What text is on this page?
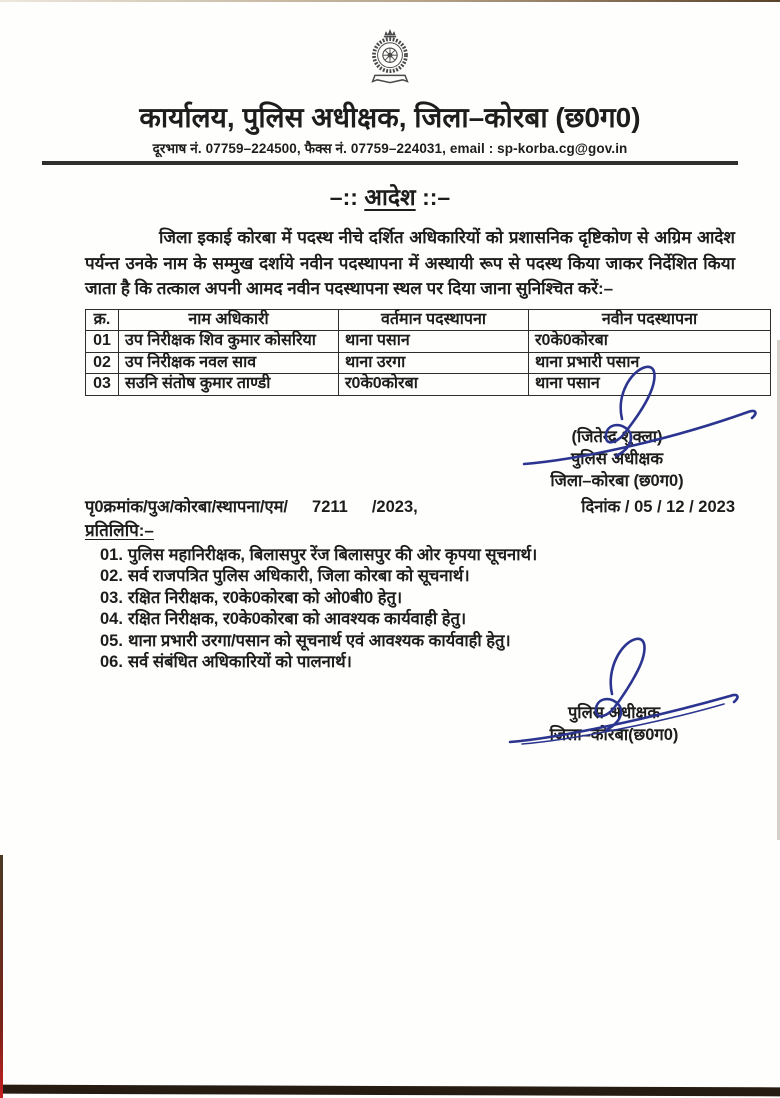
कार्यालय, पुलिस अधीक्षक, जिला–कोरबा (छ0ग0)
दूरभाष नं. 07759–224500, फैक्स नं. 07759–224031, email : sp-korba.cg@gov.in
–:: आदेश ::–

जिला इकाई कोरबा में पदस्थ नीचे दर्शित अधिकारियों को प्रशासनिक दृष्टिकोण से अग्रिम आदेश पर्यन्त उनके नाम के सम्मुख दर्शाये नवीन पदस्थापना में अस्थायी रूप से पदस्थ किया जाकर निर्देशित किया जाता है कि तत्काल अपनी आमद नवीन पदस्थापना स्थल पर दिया जाना सुनिश्चित करें:–

क्र.	नाम अधिकारी	वर्तमान पदस्थापना	नवीन पदस्थापना
01	उप निरीक्षक शिव कुमार कोसरिया	थाना पसान	र0के0कोरबा
02	उप निरीक्षक नवल साव	थाना उरगा	थाना प्रभारी पसान
03	सउनि संतोष कुमार ताण्डी	र0के0कोरबा	थाना पसान
(जितेन्द्र शुक्ला)
पुलिस अधीक्षक
जिला–कोरबा (छ0ग0)
पृ0क्रमांक/पुअ/कोरबा/स्थापना/एम/ 7211 /2023,	दिनांक / 05 / 12 / 2023
प्रतिलिपि:–
01. पुलिस महानिरीक्षक, बिलासपुर रेंज बिलासपुर की ओर कृपया सूचनार्थ।
02. सर्व राजपत्रित पुलिस अधिकारी, जिला कोरबा को सूचनार्थ।
03. रक्षित निरीक्षक, र0के0कोरबा को ओ0बी0 हेतु।
04. रक्षित निरीक्षक, र0के0कोरबा को आवश्यक कार्यवाही हेतु।
05. थाना प्रभारी उरगा/पसान को सूचनार्थ एवं आवश्यक कार्यवाही हेतु।
06. सर्व संबंधित अधिकारियों को पालनार्थ।
पुलिस अधीक्षक
जिला–कोरबा(छ0ग0)
